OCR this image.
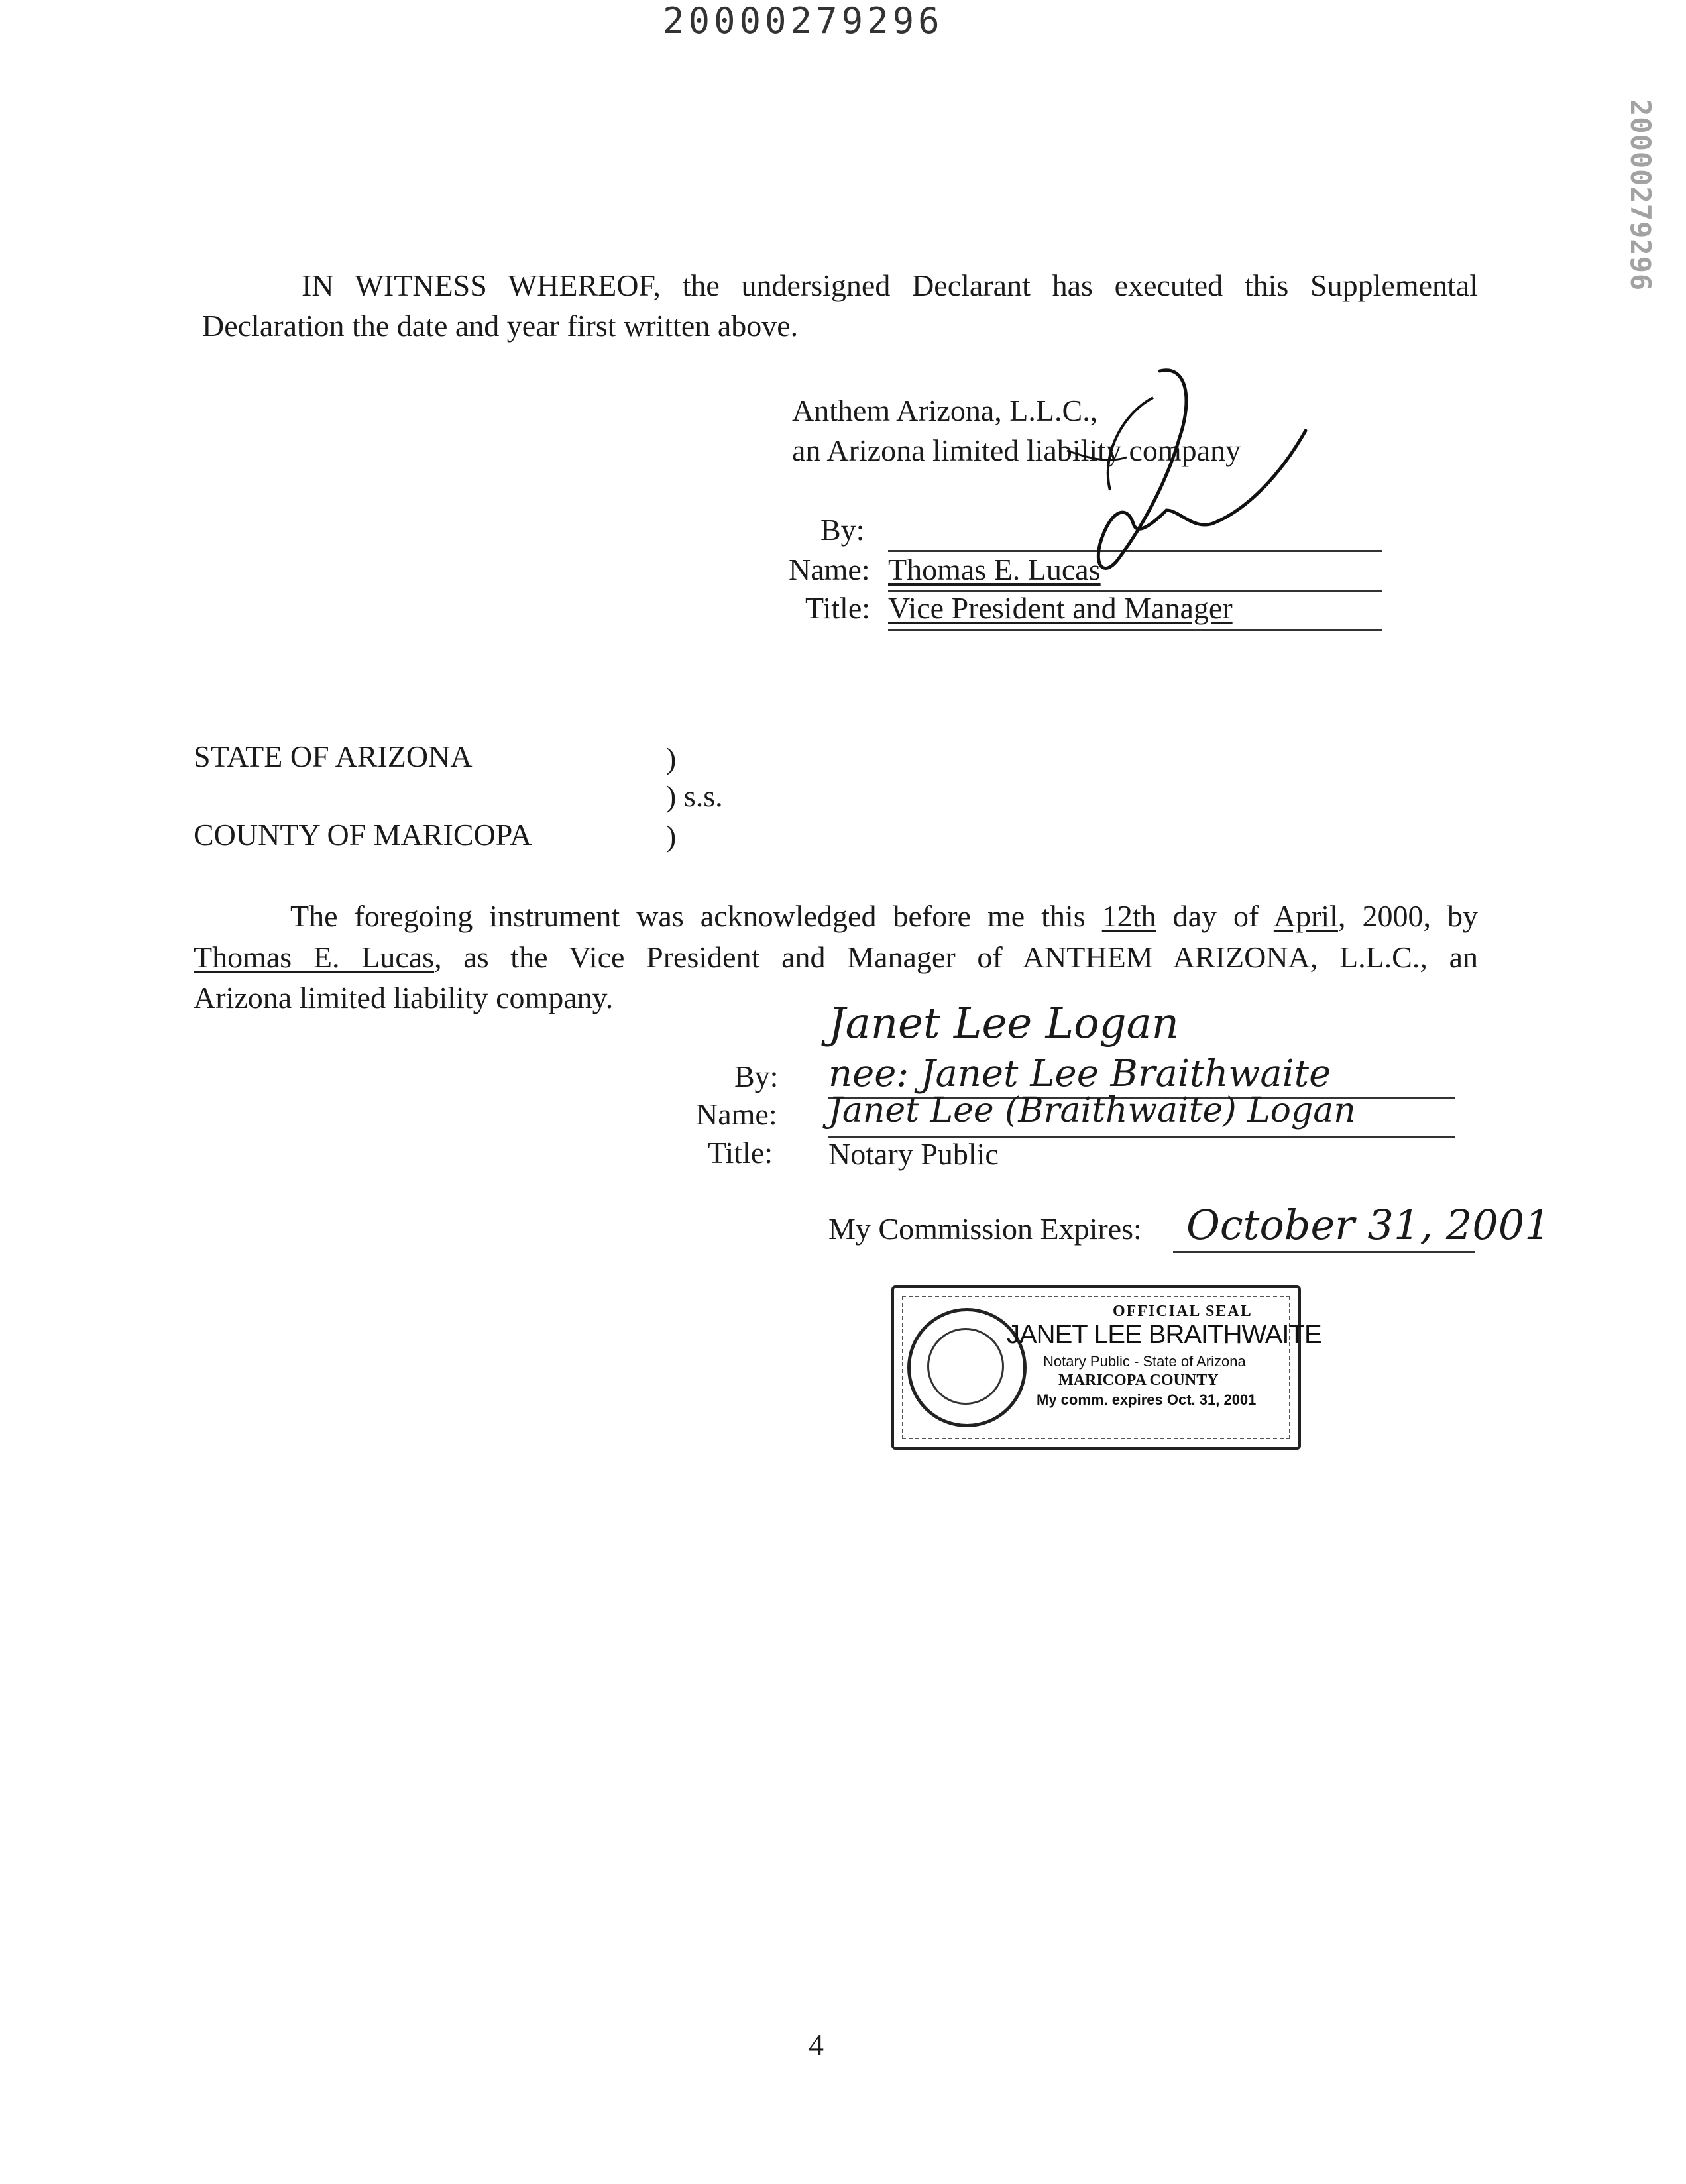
20000279296
20000279296
IN WITNESS WHEREOF, the undersigned Declarant has executed this Supplemental
Declaration the date and year first written above.
Anthem Arizona, L.L.C.,
an Arizona limited liability company
By:
Name: Thomas E. Lucas
Title: Vice President and Manager
STATE OF ARIZONA	)
) s.s.
COUNTY OF MARICOPA	)
The foregoing instrument was acknowledged before me this 12th day of April, 2000, by
Thomas E. Lucas, as the Vice President and Manager of ANTHEM ARIZONA, L.L.C., an
Arizona limited liability company.
Janet Lee Logan
By: nee: Janet Lee Braithwaite
Name: Janet Lee (Braithwaite) Logan
Title: Notary Public
My Commission Expires: October 31, 2001
OFFICIAL SEAL
JANET LEE BRAITHWAITE
Notary Public - State of Arizona
MARICOPA COUNTY
My comm. expires Oct. 31, 2001
4
